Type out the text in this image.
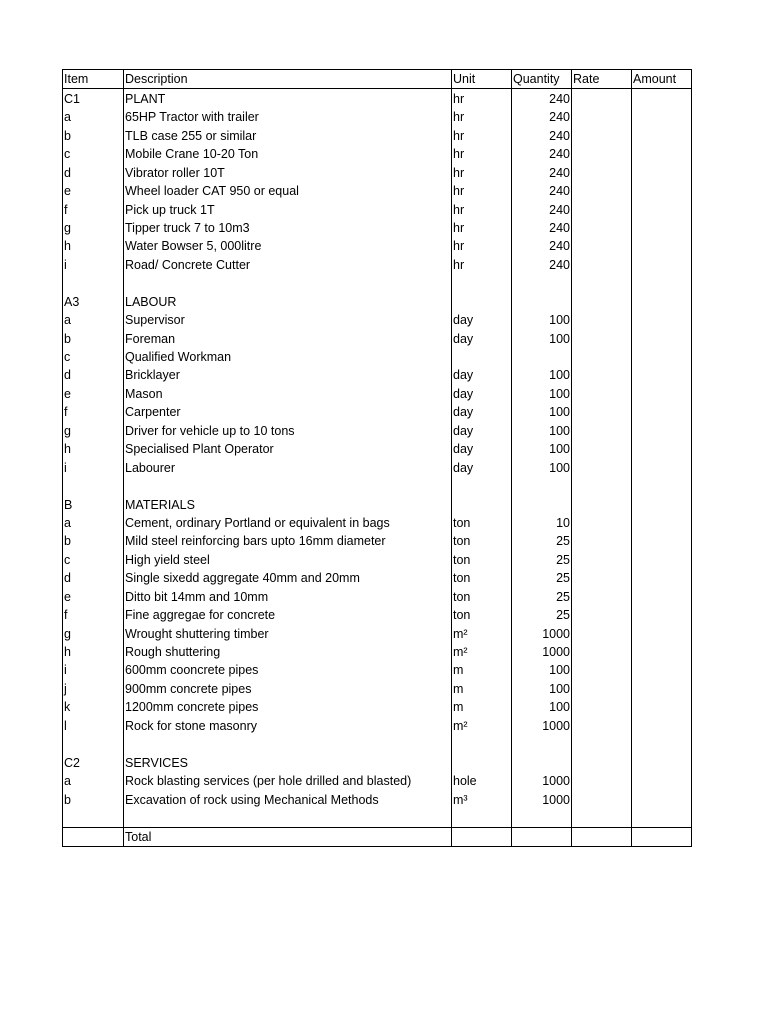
Item	Description	Unit	Quantity	Rate	Amount
C1	PLANT	hr	240		
a	65HP Tractor with trailer	hr	240		
b	TLB case 255 or similar	hr	240		
c	Mobile Crane 10-20 Ton	hr	240		
d	Vibrator roller 10T	hr	240		
e	Wheel loader CAT 950 or equal	hr	240		
f	Pick up truck 1T	hr	240		
g	Tipper truck 7 to 10m3	hr	240		
h	Water Bowser 5, 000litre	hr	240		
i	Road/ Concrete Cutter	hr	240		

A3	LABOUR				
a	Supervisor	day	100		
b	Foreman	day	100		
c	Qualified Workman				
d	Bricklayer	day	100		
e	Mason	day	100		
f	Carpenter	day	100		
g	Driver for vehicle up to 10 tons	day	100		
h	Specialised Plant Operator	day	100		
i	Labourer	day	100		

B	MATERIALS				
a	Cement, ordinary Portland or equivalent in bags	ton	10		
b	Mild steel reinforcing bars upto 16mm diameter	ton	25		
c	High yield steel	ton	25		
d	Single sixedd aggregate 40mm and 20mm	ton	25		
e	Ditto bit 14mm and 10mm	ton	25		
f	Fine aggregae for concrete	ton	25		
g	Wrought shuttering timber	m²	1000		
h	Rough shuttering	m²	1000		
i	600mm cooncrete pipes	m	100		
j	900mm concrete pipes	m	100		
k	1200mm concrete pipes	m	100		
l	Rock for stone masonry	m²	1000		

C2	SERVICES				
a	Rock blasting services (per hole drilled and blasted)	hole	1000		
b	Excavation of rock using Mechanical Methods	m³	1000		

	Total				
